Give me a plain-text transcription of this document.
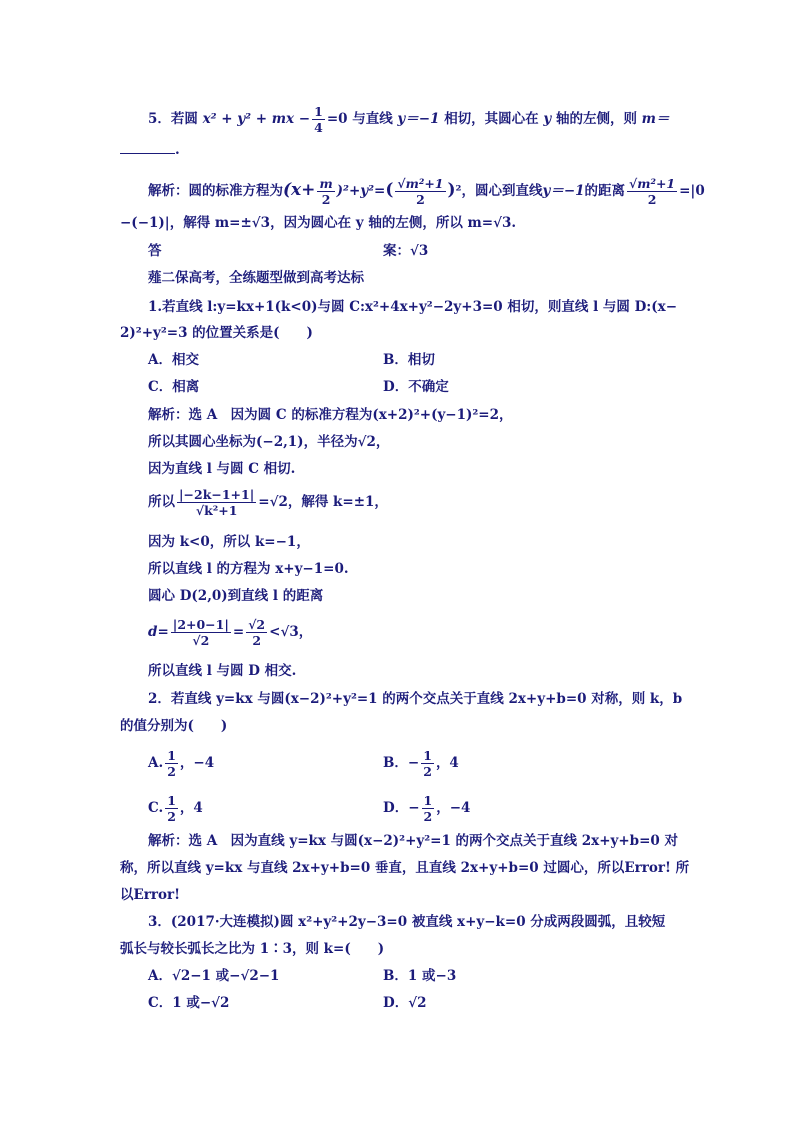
5．若圆 x² + y² + mx − $\frac{1}{4} =0$ 与直线 y＝−1 相切，其圆心在 y 轴的左侧，则 m＝
.
解析：圆的标准方程为$(x+ \frac{m}{2} )^2+y^2=( \frac{\text{√m²+1}}{2} )^2$，圆心到直线y＝−1的距离 $\frac{\text{√m²+1}}{2} =|0$
−(−1)|，解得 m=±√3，因为圆心在 y 轴的左侧，所以 m=√3.
答	案：√3
薤二保高考，全练题型做到高考达标
1.若直线 l:y=kx+1(k<0)与圆 C:x²+4x+y²−2y+3=0 相切，则直线 l 与圆 D:(x−
2)²+y²=3 的位置关系是(　　)
A．相交	B．相切
C．相离	D．不确定
解析：选 A　因为圆 C 的标准方程为(x+2)²+(y−1)²=2，
所以其圆心坐标为(−2,1)，半径为√2，
因为直线 l 与圆 C 相切.
所以 $\frac{|-2k-1+1|}{\text{√k²+1}} =√2$，解得 k=±1，
因为 k<0，所以 k=−1，
所以直线 l 的方程为 x+y−1=0.
圆心 D(2,0)到直线 l 的距离
$d= \frac{|2+0-1|}{√2} = \frac{√2}{2} <√3$，
所以直线 l 与圆 D 相交.
2．若直线 y=kx 与圆(x−2)²+y²=1 的两个交点关于直线 2x+y+b=0 对称，则 k，b
的值分别为(　　)
A. $\frac{1}{2}$ ，−4	B．− $\frac{1}{2}$ ，4
C. $\frac{1}{2}$ ，4	D．− $\frac{1}{2}$ ，−4
解析：选 A　因为直线 y=kx 与圆(x−2)²+y²=1 的两个交点关于直线 2x+y+b=0 对
称，所以直线 y=kx 与直线 2x+y+b=0 垂直，且直线 2x+y+b=0 过圆心，所以Error! 所
以Error!
3．(2017·大连模拟)圆 x²+y²+2y−3=0 被直线 x+y−k=0 分成两段圆弧，且较短
弧长与较长弧长之比为 1∶3，则 k=(　　)
A．√2−1 或−√2−1	B．1 或−3
C．1 或−√2	D．√2
